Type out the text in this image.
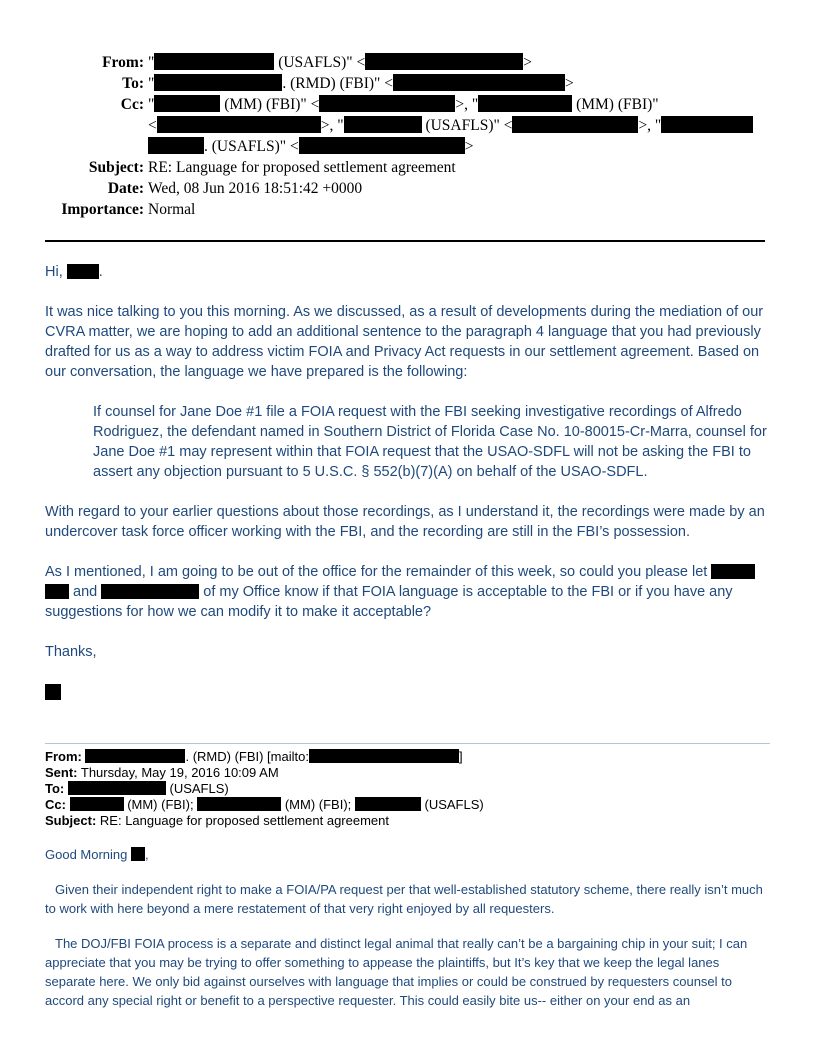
From: "	(USAFLS)" <	>
To: "	. (RMD) (FBI)" <	>
Cc: "	(MM) (FBI)" <	>, "	(MM) (FBI)"
<	>, "	(USAFLS)" <	>, "
. (USAFLS)" <	>
Subject: RE: Language for proposed settlement agreement
Date: Wed, 08 Jun 2016 18:51:42 +0000
Importance: Normal
Hi, .

It was nice talking to you this morning. As we discussed, as a result of developments during the mediation of our CVRA matter, we are hoping to add an additional sentence to the paragraph 4 language that you had previously drafted for us as a way to address victim FOIA and Privacy Act requests in our settlement agreement. Based on our conversation, the language we have prepared is the following:

If counsel for Jane Doe #1 file a FOIA request with the FBI seeking investigative recordings of Alfredo Rodriguez, the defendant named in Southern District of Florida Case No. 10-80015-Cr-Marra, counsel for Jane Doe #1 may represent within that FOIA request that the USAO-SDFL will not be asking the FBI to assert any objection pursuant to 5 U.S.C. § 552(b)(7)(A) on behalf of the USAO-SDFL.

With regard to your earlier questions about those recordings, as I understand it, the recordings were made by an undercover task force officer working with the FBI, and the recording are still in the FBI’s possession.

As I mentioned, I am going to be out of the office for the remainder of this week, so could you please let   and	of my Office know if that FOIA language is acceptable to the FBI or if you have any suggestions for how we can modify it to make it acceptable?

Thanks,

From:	. (RMD) (FBI) [mailto:	]
Sent: Thursday, May 19, 2016 10:09 AM
To:	(USAFLS)
Cc:	(MM) (FBI);	(MM) (FBI);	(USAFLS)
Subject: RE: Language for proposed settlement agreement
Good Morning ,

Given their independent right to make a FOIA/PA request per that well-established statutory scheme, there really isn’t much to work with here beyond a mere restatement of that very right enjoyed by all requesters.

The DOJ/FBI FOIA process is a separate and distinct legal animal that really can’t be a bargaining chip in your suit; I can appreciate that you may be trying to offer something to appease the plaintiffs, but It’s key that we keep the legal lanes separate here. We only bid against ourselves with language that implies or could be construed by requesters counsel to accord any special right or benefit to a perspective requester. This could easily bite us-- either on your end as an
